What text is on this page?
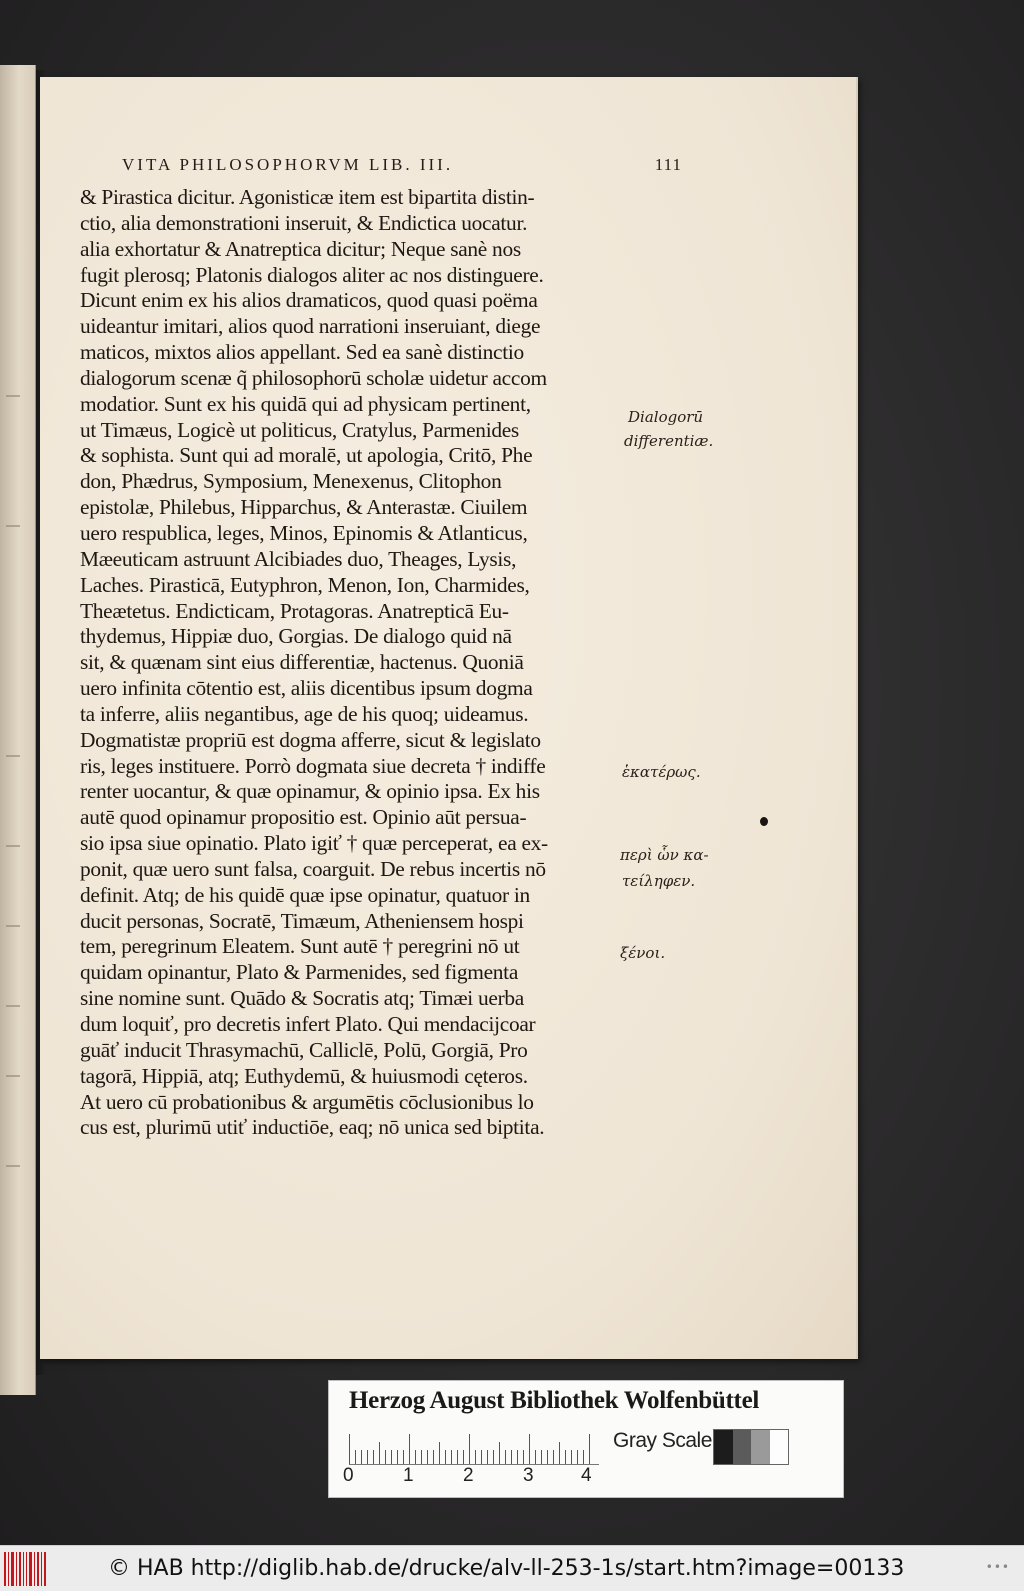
VITA PHILOSOPHORVM LIB. III.	111
& Pirastica dicitur. Agonisticæ item est bipartita distin-
ctio, alia demonstrationi inseruit, & Endictica uocatur.
alia exhortatur & Anatreptica dicitur; Neque sanè nos
fugit plerosq; Platonis dialogos aliter ac nos distinguere.
Dicunt enim ex his alios dramaticos, quod quasi poëma
uideantur imitari, alios quod narrationi inseruiant, diege
maticos, mixtos alios appellant. Sed ea sanè distinctio
dialogorum scenæ q̃ philosophorū scholæ uidetur accom
modatior. Sunt ex his quidā qui ad physicam pertinent,
ut Timæus, Logicè ut politicus, Cratylus, Parmenides
& sophista. Sunt qui ad moralē, ut apologia, Critō, Phe
don, Phædrus, Symposium, Menexenus, Clitophon
epistolæ, Philebus, Hipparchus, & Anterastæ. Ciuilem
uero respublica, leges, Minos, Epinomis & Atlanticus,
Mæeuticam astruunt Alcibiades duo, Theages, Lysis,
Laches. Pirasticā, Eutyphron, Menon, Ion, Charmides,
Theætetus. Endicticam, Protagoras. Anatrepticā Eu-
thydemus, Hippiæ duo, Gorgias. De dialogo quid nā
sit, & quænam sint eius differentiæ, hactenus. Quoniā
uero infinita cōtentio est, aliis dicentibus ipsum dogma
ta inferre, aliis negantibus, age de his quoq; uideamus.
Dogmatistæ propriū est dogma afferre, sicut & legislato
ris, leges instituere. Porrò dogmata siue decreta † indiffe
renter uocantur, & quæ opinamur, & opinio ipsa. Ex his
autē quod opinamur propositio est. Opinio aūt persua-
sio ipsa siue opinatio. Plato igiť † quæ perceperat, ea ex-
ponit, quæ uero sunt falsa, coarguit. De rebus incertis nō
definit. Atq; de his quidē quæ ipse opinatur, quatuor in
ducit personas, Socratē, Timæum, Atheniensem hospi
tem, peregrinum Eleatem. Sunt autē † peregrini nō ut
quidam opinantur, Plato & Parmenides, sed figmenta
sine nomine sunt. Quādo & Socratis atq; Timæi uerba
dum loquiť, pro decretis infert Plato. Qui mendacijcoar
guāť inducit Thrasymachū, Calliclē, Polū, Gorgiā, Pro
tagorā, Hippiā, atq; Euthydemū, & huiusmodi cęteros.
At uero cū probationibus & argumētis cōclusionibus lo
cus est, plurimū utiť inductiōe, eaq; nō unica sed biptita.
Dialogorū
differentiæ.
ἑκατέρως.
περὶ ὧν κα-
τείληφεν.
ξένοι.
Herzog August Bibliothek Wolfenbüttel
0	1	2	3 4
Gray Scale
© HAB http://diglib.hab.de/drucke/alv-ll-253-1s/start.htm?image=00133	•••
